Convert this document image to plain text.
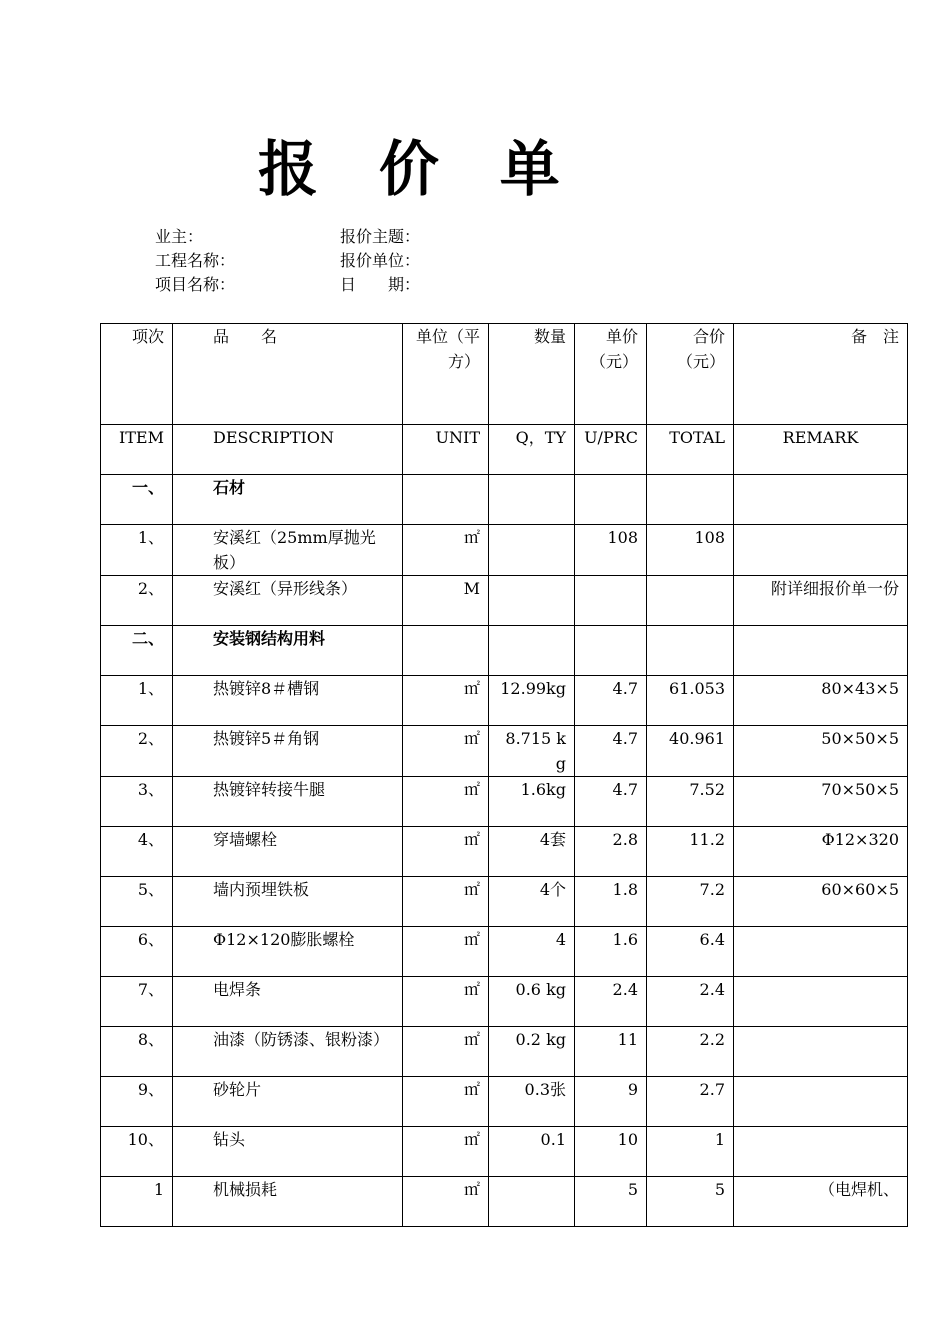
报 价 单
业主：
工程名称：
项目名称：
报价主题：
报价单位：
日　　期：
项次	品　　名	单位（平方）	数量	单价（元）	合价（元）	备　注
ITEM	DESCRIPTION	UNIT	Q，TY	U/PRC	TOTAL	REMARK
一、	石材					
1、	安溪红（25mm厚抛光板）	㎡		108	108	
2、	安溪红（异形线条）	M				附详细报价单一份
二、	安装钢结构用料					
1、	热镀锌8＃槽钢	㎡	12.99kg	4.7	61.053	80×43×5
2、	热镀锌5＃角钢	㎡	8.715 kg	4.7	40.961	50×50×5
3、	热镀锌转接牛腿	㎡	1.6kg	4.7	7.52	70×50×5
4、	穿墙螺栓	㎡	4套	2.8	11.2	Φ12×320
5、	墙内预埋铁板	㎡	4个	1.8	7.2	60×60×5
6、	Φ12×120膨胀螺栓	㎡	4	1.6	6.4	
7、	电焊条	㎡	0.6 kg	2.4	2.4	
8、	油漆（防锈漆、银粉漆）	㎡	0.2 kg	11	2.2	
9、	砂轮片	㎡	0.3张	9	2.7	
10、	钻头	㎡	0.1	10	1	
1	机械损耗	㎡		5	5	（电焊机、
